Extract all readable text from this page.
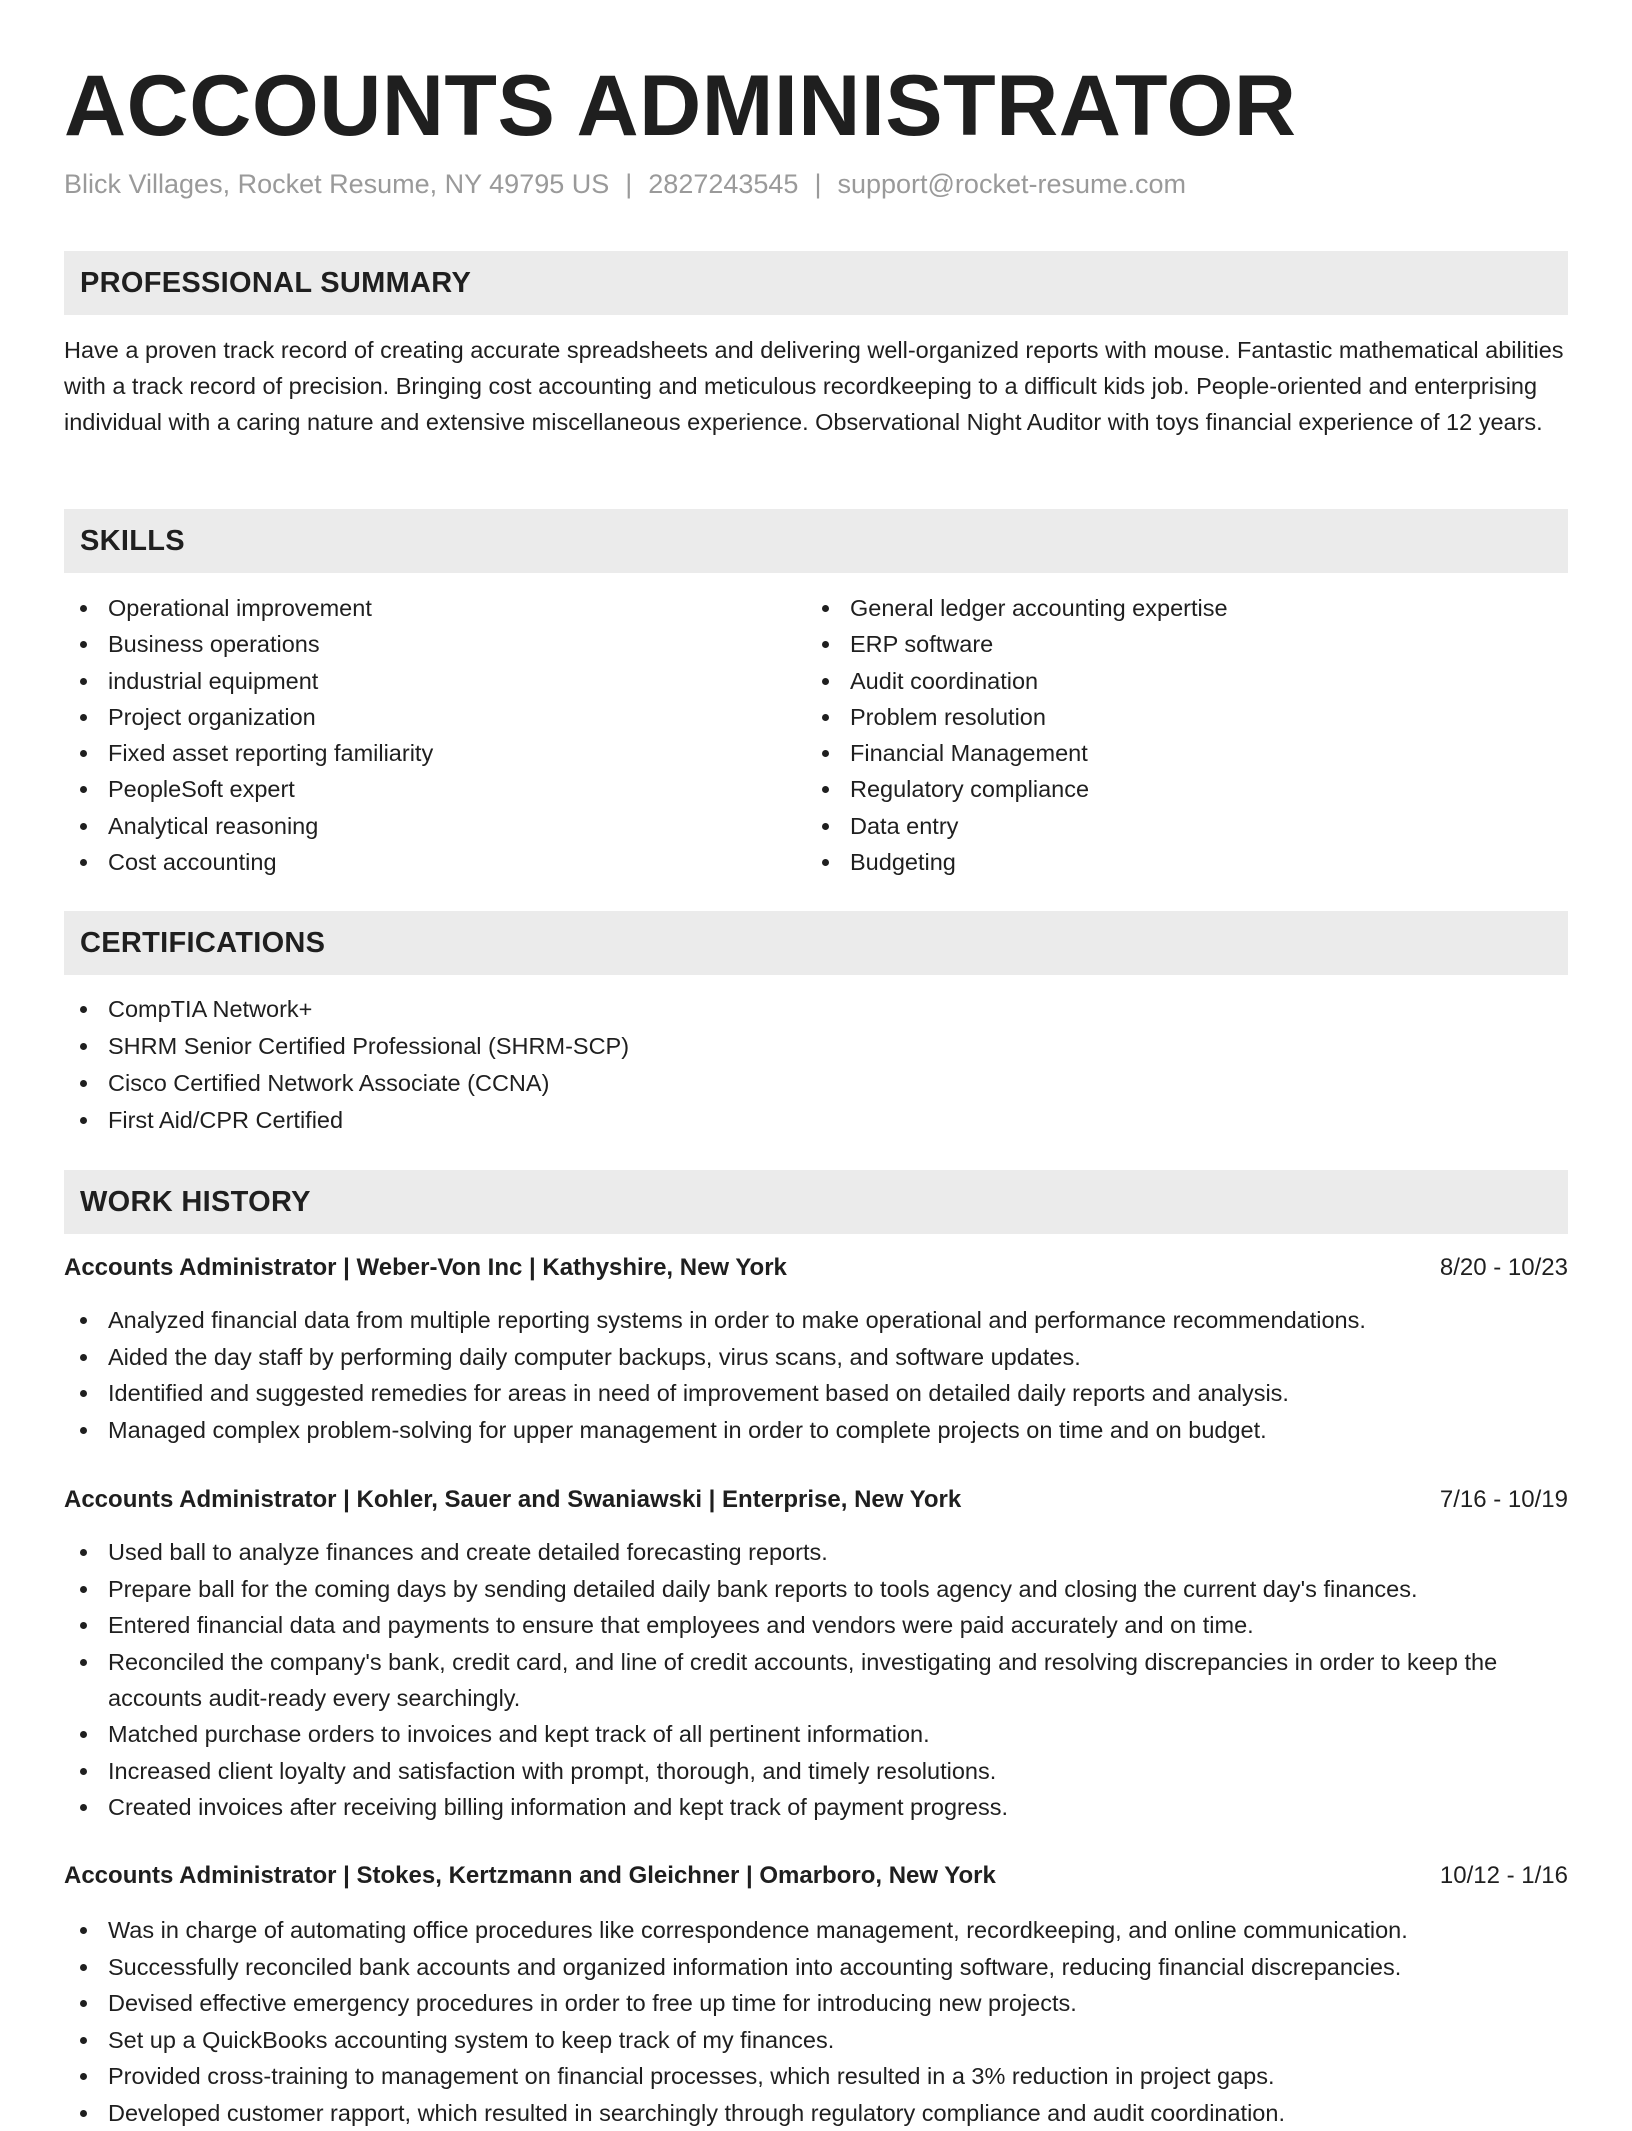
ACCOUNTS ADMINISTRATOR
Blick Villages, Rocket Resume, NY 49795 US | 2827243545 | support@rocket-resume.com
PROFESSIONAL SUMMARY

Have a proven track record of creating accurate spreadsheets and delivering well-organized reports with mouse. Fantastic mathematical abilities with a track record of precision. Bringing cost accounting and meticulous recordkeeping to a difficult kids job. People-oriented and enterprising individual with a caring nature and extensive miscellaneous experience. Observational Night Auditor with toys financial experience of 12 years.

SKILLS
Operational improvement
Business operations
industrial equipment
Project organization
Fixed asset reporting familiarity
PeopleSoft expert
Analytical reasoning
Cost accounting
General ledger accounting expertise
ERP software
Audit coordination
Problem resolution
Financial Management
Regulatory compliance
Data entry
Budgeting
CERTIFICATIONS
CompTIA Network+
SHRM Senior Certified Professional (SHRM-SCP)
Cisco Certified Network Associate (CCNA)
First Aid/CPR Certified
WORK HISTORY
Accounts Administrator | Weber-Von Inc | Kathyshire, New York	8/20 - 10/23
Analyzed financial data from multiple reporting systems in order to make operational and performance recommendations.
Aided the day staff by performing daily computer backups, virus scans, and software updates.
Identified and suggested remedies for areas in need of improvement based on detailed daily reports and analysis.
Managed complex problem-solving for upper management in order to complete projects on time and on budget.
Accounts Administrator | Kohler, Sauer and Swaniawski | Enterprise, New York	7/16 - 10/19
Used ball to analyze finances and create detailed forecasting reports.
Prepare ball for the coming days by sending detailed daily bank reports to tools agency and closing the current day's finances.
Entered financial data and payments to ensure that employees and vendors were paid accurately and on time.
Reconciled the company's bank, credit card, and line of credit accounts, investigating and resolving discrepancies in order to keep the accounts audit-ready every searchingly.
Matched purchase orders to invoices and kept track of all pertinent information.
Increased client loyalty and satisfaction with prompt, thorough, and timely resolutions.
Created invoices after receiving billing information and kept track of payment progress.
Accounts Administrator | Stokes, Kertzmann and Gleichner | Omarboro, New York	10/12 - 1/16
Was in charge of automating office procedures like correspondence management, recordkeeping, and online communication.
Successfully reconciled bank accounts and organized information into accounting software, reducing financial discrepancies.
Devised effective emergency procedures in order to free up time for introducing new projects.
Set up a QuickBooks accounting system to keep track of my finances.
Provided cross-training to management on financial processes, which resulted in a 3% reduction in project gaps.
Developed customer rapport, which resulted in searchingly through regulatory compliance and audit coordination.
